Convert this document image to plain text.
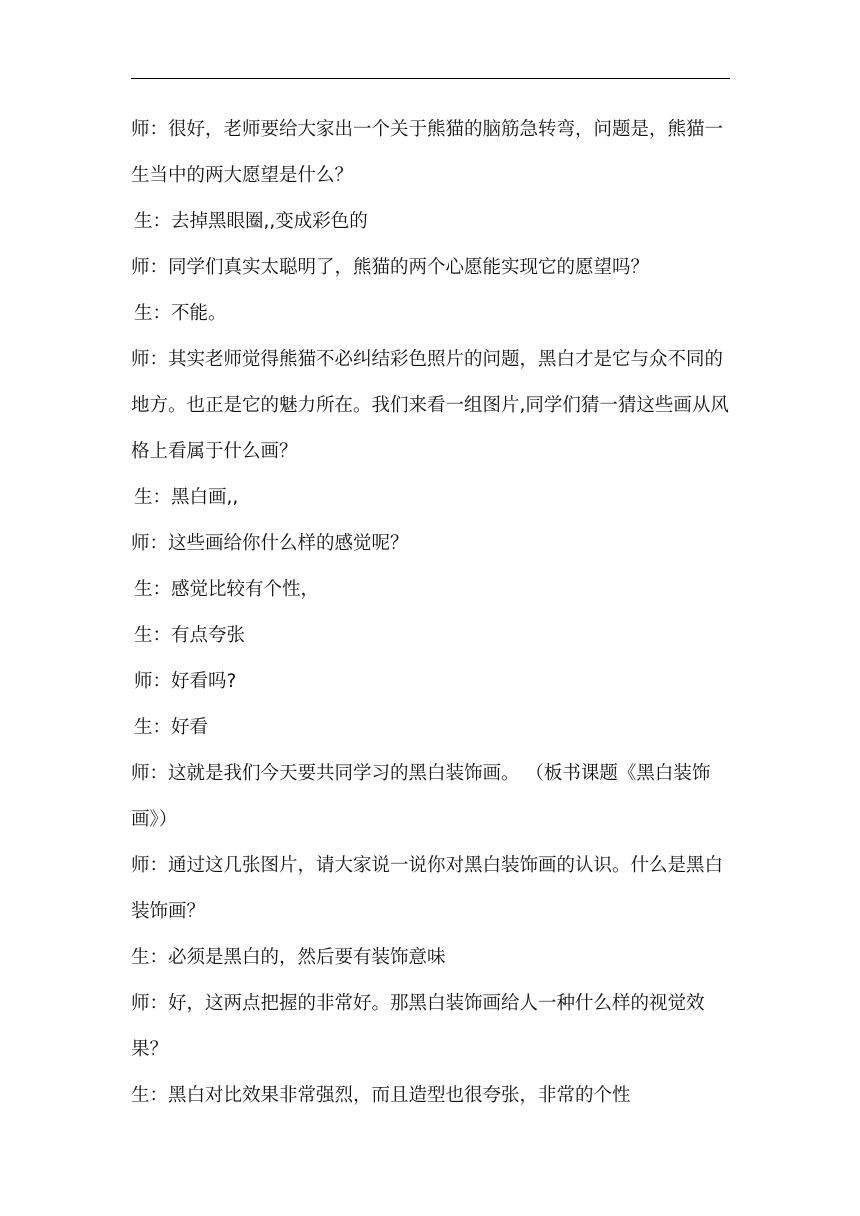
师：很好，老师要给大家出一个关于熊猫的脑筋急转弯，问题是，熊猫一生当中的两大愿望是什么？

生：去掉黑眼圈,,变成彩色的

师：同学们真实太聪明了，熊猫的两个心愿能实现它的愿望吗？

生：不能。

师：其实老师觉得熊猫不必纠结彩色照片的问题，黑白才是它与众不同的地方。也正是它的魅力所在。我们来看一组图片,同学们猜一猜这些画从风格上看属于什么画？

生：黑白画,,

师：这些画给你什么样的感觉呢？

生：感觉比较有个性，

生：有点夸张

师：好看吗?

生：好看

师：这就是我们今天要共同学习的黑白装饰画。 （板书课题《黑白装饰画》）

师：通过这几张图片，请大家说一说你对黑白装饰画的认识。什么是黑白装饰画？

生：必须是黑白的，然后要有装饰意味

师：好，这两点把握的非常好。那黑白装饰画给人一种什么样的视觉效果？

生：黑白对比效果非常强烈，而且造型也很夸张，非常的个性
